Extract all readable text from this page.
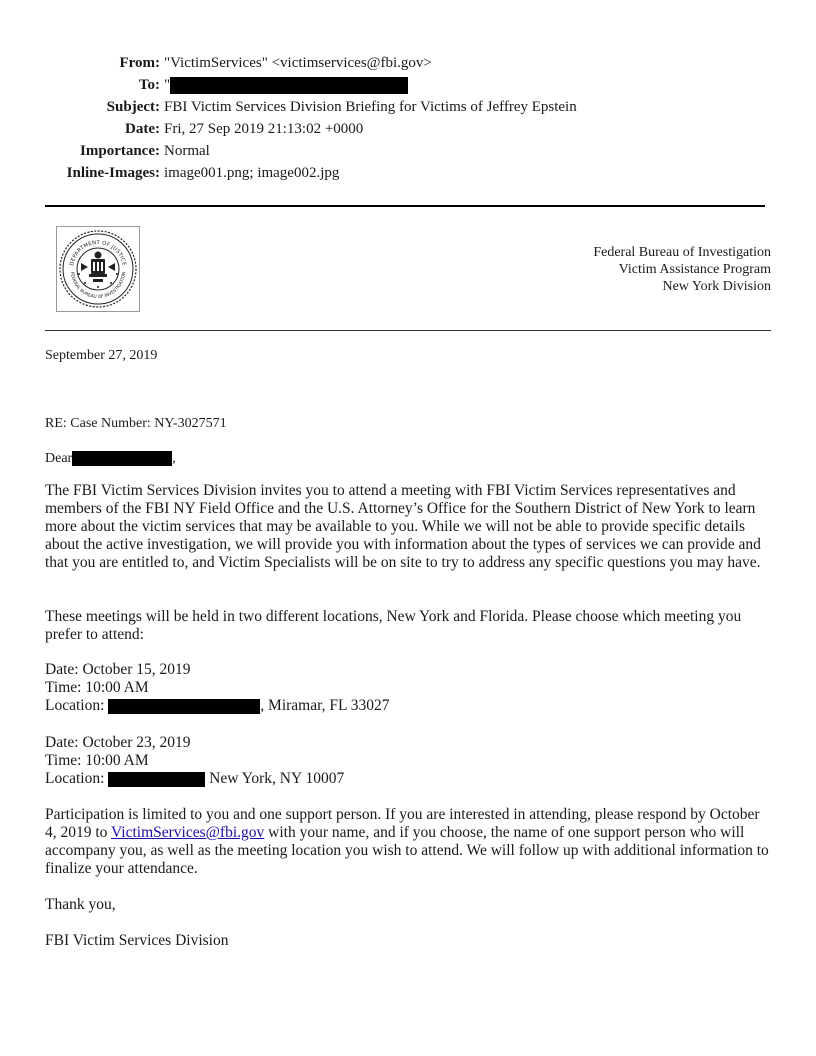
From: "VictimServices" <victimservices@fbi.gov>
To: "
Subject: FBI Victim Services Division Briefing for Victims of Jeffrey Epstein
Date: Fri, 27 Sep 2019 21:13:02 +0000
Importance: Normal
Inline-Images: image001.png; image002.jpg
DEPARTMENT OF JUSTICE
FEDERAL BUREAU OF INVESTIGATION
Federal Bureau of Investigation
Victim Assistance Program
New York Division
September 27, 2019
RE: Case Number: NY-3027571
Dear	,

The FBI Victim Services Division invites you to attend a meeting with FBI Victim Services representatives and members of the FBI NY Field Office and the U.S. Attorney’s Office for the Southern District of New York to learn more about the victim services that may be available to you. While we will not be able to provide specific details about the active investigation, we will provide you with information about the types of services we can provide and that you are entitled to, and Victim Specialists will be on site to try to address any specific questions you may have.

These meetings will be held in two different locations, New York and Florida. Please choose which meeting you prefer to attend:

Date: October 15, 2019

Time: 10:00 AM

Location:	, Miramar, FL 33027

Date: October 23, 2019

Time: 10:00 AM

Location:	New York, NY 10007

Participation is limited to you and one support person. If you are interested in attending, please respond by October 4, 2019 to VictimServices@fbi.gov with your name, and if you choose, the name of one support person who will accompany you, as well as the meeting location you wish to attend. We will follow up with additional information to finalize your attendance.

Thank you,
FBI Victim Services Division
